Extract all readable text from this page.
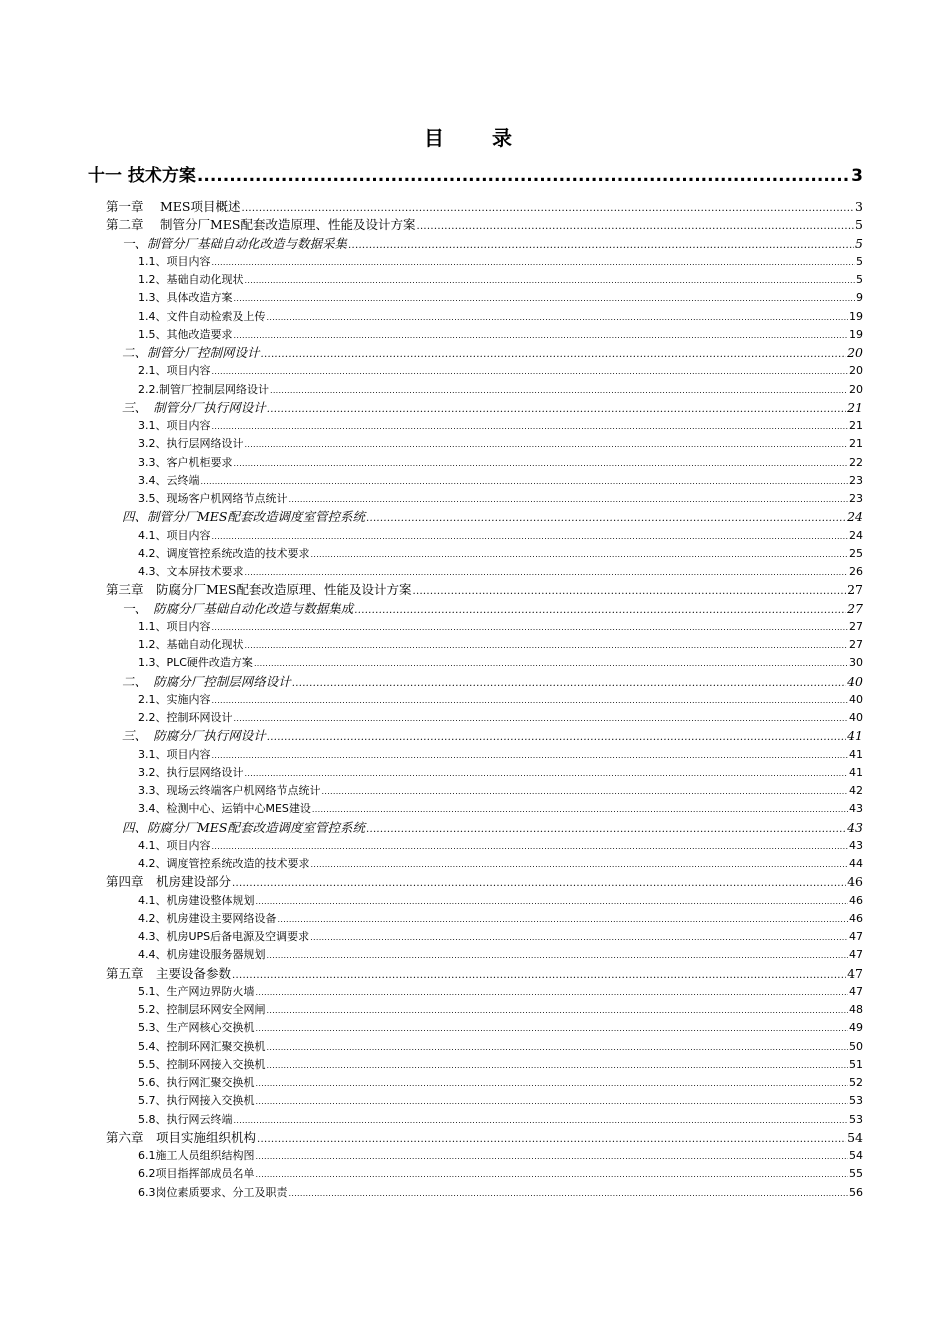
目　录
十一 技术方案 .....	3
第一章　 MES项目概述 .....	3
第二章　 制管分厂MES配套改造原理、性能及设计方案 .....	5
一、制管分厂基础自动化改造与数据采集 .....	5
1.1、项目内容 .....	5
1.2、基础自动化现状 .....	5
1.3、具体改造方案 .....	9
1.4、文件自动检索及上传 .....	19
1.5、其他改造要求 .....	19
二、制管分厂控制网设计 .....	20
2.1、项目内容 .....	20
2.2.制管厂控制层网络设计 .....	20
三、　制管分厂执行网设计 .....	21
3.1、项目内容 .....	21
3.2、执行层网络设计 .....	21
3.3、客户机柜要求 .....	22
3.4、云终端 .....	23
3.5、现场客户机网络节点统计 .....	23
四、制管分厂MES配套改造调度室管控系统 .....	24
4.1、项目内容 .....	24
4.2、调度管控系统改造的技术要求 .....	25
4.3、文本屏技术要求 .....	26
第三章　防腐分厂MES配套改造原理、性能及设计方案 .....	27
一、　防腐分厂基础自动化改造与数据集成 .....	27
1.1、项目内容 .....	27
1.2、基础自动化现状 .....	27
1.3、PLC硬件改造方案 .....	30
二、　防腐分厂控制层网络设计 .....	40
2.1、实施内容 .....	40
2.2、控制环网设计 .....	40
三、　防腐分厂执行网设计 .....	41
3.1、项目内容 .....	41
3.2、执行层网络设计 .....	41
3.3、现场云终端客户机网络节点统计 .....	42
3.4、检测中心、运销中心MES建设 .....	43
四、防腐分厂MES配套改造调度室管控系统 .....	43
4.1、项目内容 .....	43
4.2、调度管控系统改造的技术要求 .....	44
第四章　机房建设部分 .....	46
4.1、机房建设整体规划 .....	46
4.2、机房建设主要网络设备 .....	46
4.3、机房UPS后备电源及空调要求 .....	47
4.4、机房建设服务器规划 .....	47
第五章　主要设备参数 .....	47
5.1、生产网边界防火墙 .....	47
5.2、控制层环网安全网闸 .....	48
5.3、生产网核心交换机 .....	49
5.4、控制环网汇聚交换机 .....	50
5.5、控制环网接入交换机 .....	51
5.6、执行网汇聚交换机 .....	52
5.7、执行网接入交换机 .....	53
5.8、执行网云终端 .....	53
第六章　项目实施组织机构 .....	54
6.1施工人员组织结构图 .....	54
6.2项目指挥部成员名单 .....	55
6.3岗位素质要求、分工及职责 .....	56
